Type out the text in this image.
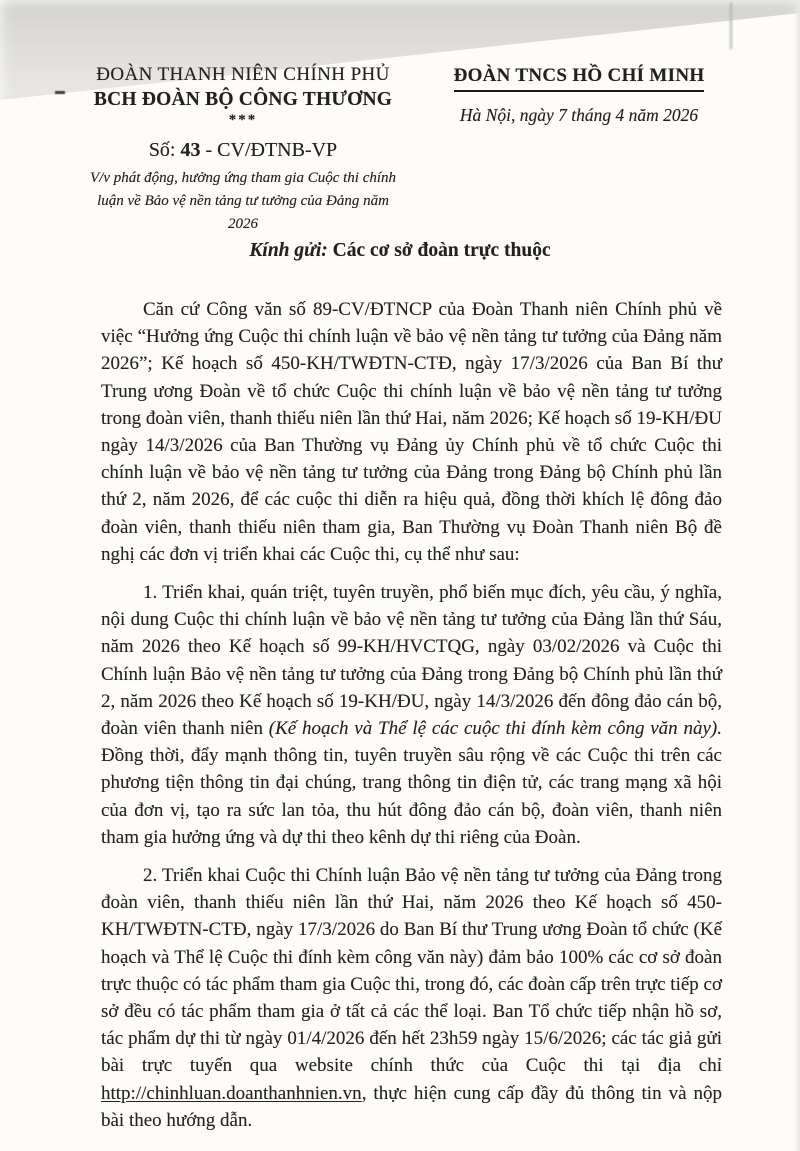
ĐOÀN THANH NIÊN CHÍNH PHỦ
BCH ĐOÀN BỘ CÔNG THƯƠNG
***
Số: 43 - CV/ĐTNB-VP
V/v phát động, hưởng ứng tham gia Cuộc thi chính luận về Bảo vệ nền tảng tư tưởng của Đảng năm 2026
ĐOÀN TNCS HỒ CHÍ MINH
Hà Nội, ngày 7 tháng 4 năm 2026
Kính gửi: Các cơ sở đoàn trực thuộc

Căn cứ Công văn số 89-CV/ĐTNCP của Đoàn Thanh niên Chính phủ về việc “Hưởng ứng Cuộc thi chính luận về bảo vệ nền tảng tư tưởng của Đảng năm 2026”; Kế hoạch số 450-KH/TWĐTN-CTĐ, ngày 17/3/2026 của Ban Bí thư Trung ương Đoàn về tổ chức Cuộc thi chính luận về bảo vệ nền tảng tư tưởng trong đoàn viên, thanh thiếu niên lần thứ Hai, năm 2026; Kế hoạch số 19-KH/ĐU ngày 14/3/2026 của Ban Thường vụ Đảng ủy Chính phủ về tổ chức Cuộc thi chính luận về bảo vệ nền tảng tư tưởng của Đảng trong Đảng bộ Chính phủ lần thứ 2, năm 2026, để các cuộc thi diễn ra hiệu quả, đồng thời khích lệ đông đảo đoàn viên, thanh thiếu niên tham gia, Ban Thường vụ Đoàn Thanh niên Bộ đề nghị các đơn vị triển khai các Cuộc thi, cụ thể như sau:

1. Triển khai, quán triệt, tuyên truyền, phổ biến mục đích, yêu cầu, ý nghĩa, nội dung Cuộc thi chính luận về bảo vệ nền tảng tư tưởng của Đảng lần thứ Sáu, năm 2026 theo Kế hoạch số 99-KH/HVCTQG, ngày 03/02/2026 và Cuộc thi Chính luận Bảo vệ nền tảng tư tưởng của Đảng trong Đảng bộ Chính phủ lần thứ 2, năm 2026 theo Kế hoạch số 19-KH/ĐU, ngày 14/3/2026 đến đông đảo cán bộ, đoàn viên thanh niên (Kế hoạch và Thể lệ các cuộc thi đính kèm công văn này). Đồng thời, đẩy mạnh thông tin, tuyên truyền sâu rộng về các Cuộc thi trên các phương tiện thông tin đại chúng, trang thông tin điện tử, các trang mạng xã hội của đơn vị, tạo ra sức lan tỏa, thu hút đông đảo cán bộ, đoàn viên, thanh niên tham gia hưởng ứng và dự thi theo kênh dự thi riêng của Đoàn.

2. Triển khai Cuộc thi Chính luận Bảo vệ nền tảng tư tưởng của Đảng trong đoàn viên, thanh thiếu niên lần thứ Hai, năm 2026 theo Kế hoạch số 450-KH/TWĐTN-CTĐ, ngày 17/3/2026 do Ban Bí thư Trung ương Đoàn tổ chức (Kế hoạch và Thể lệ Cuộc thi đính kèm công văn này) đảm bảo 100% các cơ sở đoàn trực thuộc có tác phẩm tham gia Cuộc thi, trong đó, các đoàn cấp trên trực tiếp cơ sở đều có tác phẩm tham gia ở tất cả các thể loại. Ban Tổ chức tiếp nhận hồ sơ, tác phẩm dự thi từ ngày 01/4/2026 đến hết 23h59 ngày 15/6/2026; các tác giả gửi bài trực tuyến qua website chính thức của Cuộc thi tại địa chỉ http://chinhluan.doanthanhnien.vn, thực hiện cung cấp đầy đủ thông tin và nộp bài theo hướng dẫn.
